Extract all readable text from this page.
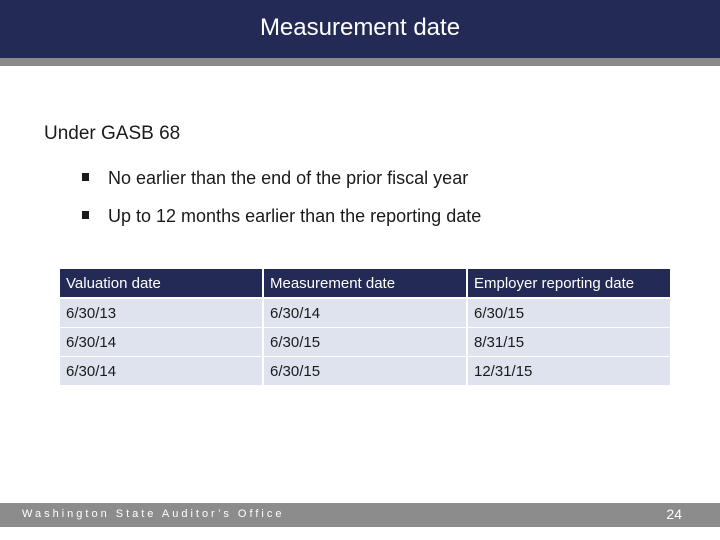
Measurement date
Under GASB 68
No earlier than the end of the prior fiscal year
Up to 12 months earlier than the reporting date
Valuation date	Measurement date	Employer reporting date
6/30/13	6/30/14	6/30/15
6/30/14	6/30/15	8/31/15
6/30/14	6/30/15	12/31/15
Washington State Auditor’s Office	24
